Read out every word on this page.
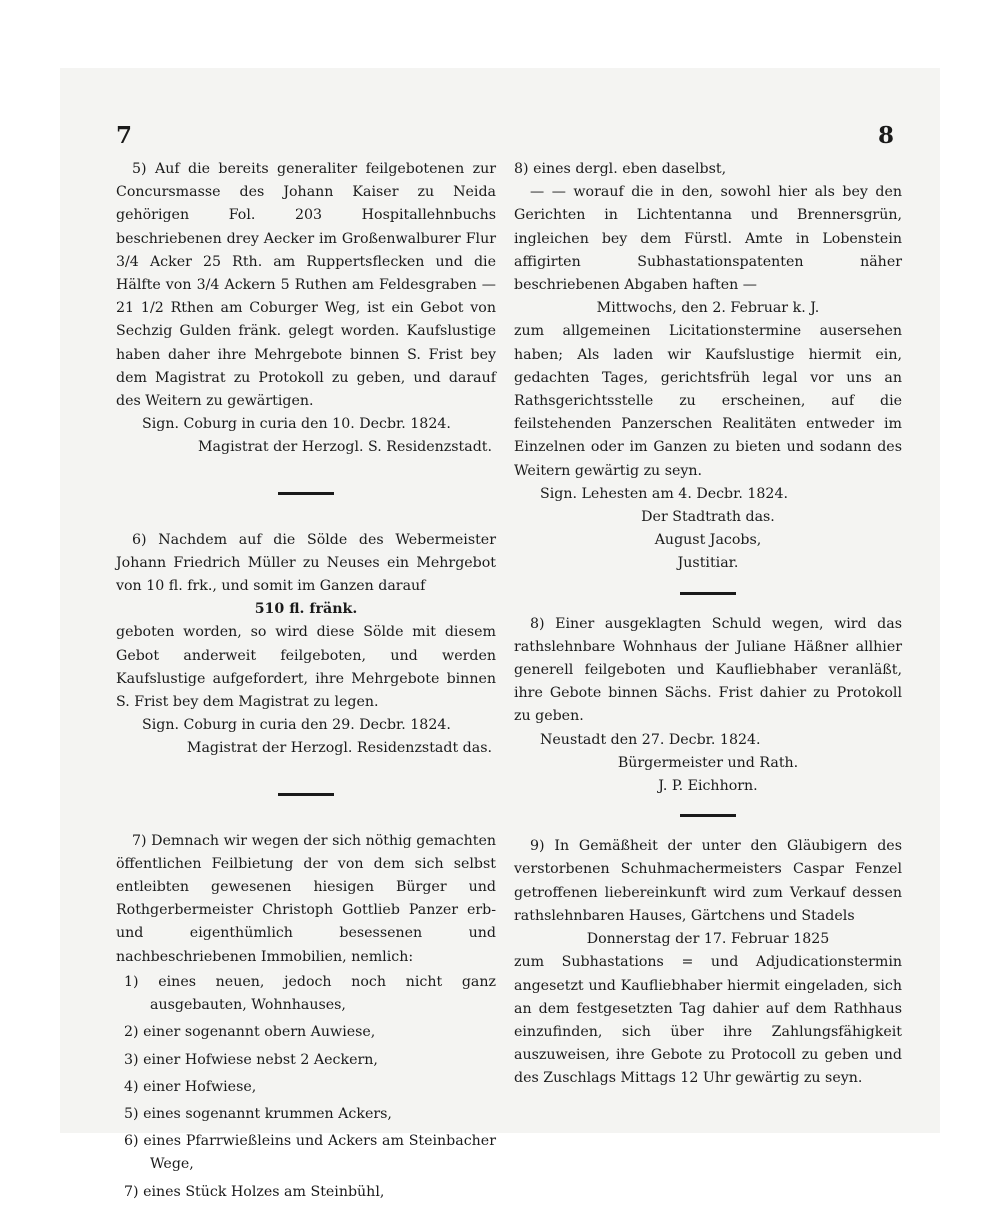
7	8

5) Auf die bereits generaliter feilgebotenen zur Concursmasse des Johann Kaiser zu Neida gehörigen Fol. 203 Hospitallehnbuchs beschriebenen drey Aecker im Großenwalburer Flur 3/4 Acker 25 Rth. am Ruppertsflecken und die Hälfte von 3/4 Ackern 5 Ruthen am Feldesgraben — 21 1/2 Rthen am Coburger Weg, ist ein Gebot von Sechzig Gulden fränk. gelegt worden. Kaufslustige haben daher ihre Mehrgebote binnen S. Frist bey dem Magistrat zu Protokoll zu geben, und darauf des Weitern zu gewärtigen.

Sign. Coburg in curia den 10. Decbr. 1824.

Magistrat der Herzogl. S. Residenzstadt.

6) Nachdem auf die Sölde des Webermeister Johann Friedrich Müller zu Neuses ein Mehrgebot von 10 fl. frk., und somit im Ganzen darauf

510 fl. fränk.

geboten worden, so wird diese Sölde mit diesem Gebot anderweit feilgeboten, und werden Kaufslustige aufgefordert, ihre Mehrgebote binnen S. Frist bey dem Magistrat zu legen.

Sign. Coburg in curia den 29. Decbr. 1824.

Magistrat der Herzogl. Residenzstadt das.

7) Demnach wir wegen der sich nöthig gemachten öffentlichen Feilbietung der von dem sich selbst entleibten gewesenen hiesigen Bürger und Rothgerbermeister Christoph Gottlieb Panzer erb- und eigenthümlich besessenen und nachbeschriebenen Immobilien, nemlich:

1) eines neuen, jedoch noch nicht ganz ausgebauten, Wohnhauses,
2) einer sogenannt obern Auwiese,
3) einer Hofwiese nebst 2 Aeckern,
4) einer Hofwiese,
5) eines sogenannt krummen Ackers,
6) eines Pfarrwießleins und Ackers am Steinbacher Wege,
7) eines Stück Holzes am Steinbühl,

8) eines dergl. eben daselbst,

— — worauf die in den, sowohl hier als bey den Gerichten in Lichtentanna und Brennersgrün, ingleichen bey dem Fürstl. Amte in Lobenstein affigirten Subhastationspatenten näher beschriebenen Abgaben haften —

Mittwochs, den 2. Februar k. J.

zum allgemeinen Licitationstermine ausersehen haben; Als laden wir Kaufslustige hiermit ein, gedachten Tages, gerichtsfrüh legal vor uns an Rathsgerichtsstelle zu erscheinen, auf die feilstehenden Panzerschen Realitäten entweder im Einzelnen oder im Ganzen zu bieten und sodann des Weitern gewärtig zu seyn.

Sign. Lehesten am 4. Decbr. 1824.

Der Stadtrath das.

August Jacobs,

Justitiar.

8) Einer ausgeklagten Schuld wegen, wird das rathslehnbare Wohnhaus der Juliane Häßner allhier generell feilgeboten und Kaufliebhaber veranläßt, ihre Gebote binnen Sächs. Frist dahier zu Protokoll zu geben.

Neustadt den 27. Decbr. 1824.

Bürgermeister und Rath.

J. P. Eichhorn.

9) In Gemäßheit der unter den Gläubigern des verstorbenen Schuhmachermeisters Caspar Fenzel getroffenen liebereinkunft wird zum Verkauf dessen rathslehnbaren Hauses, Gärtchens und Stadels

Donnerstag der 17. Februar 1825

zum Subhastations = und Adjudicationstermin angesetzt und Kaufliebhaber hiermit eingeladen, sich an dem festgesetzten Tag dahier auf dem Rathhaus einzufinden, sich über ihre Zahlungsfähigkeit auszuweisen, ihre Gebote zu Protocoll zu geben und des Zuschlags Mittags 12 Uhr gewärtig zu seyn.
